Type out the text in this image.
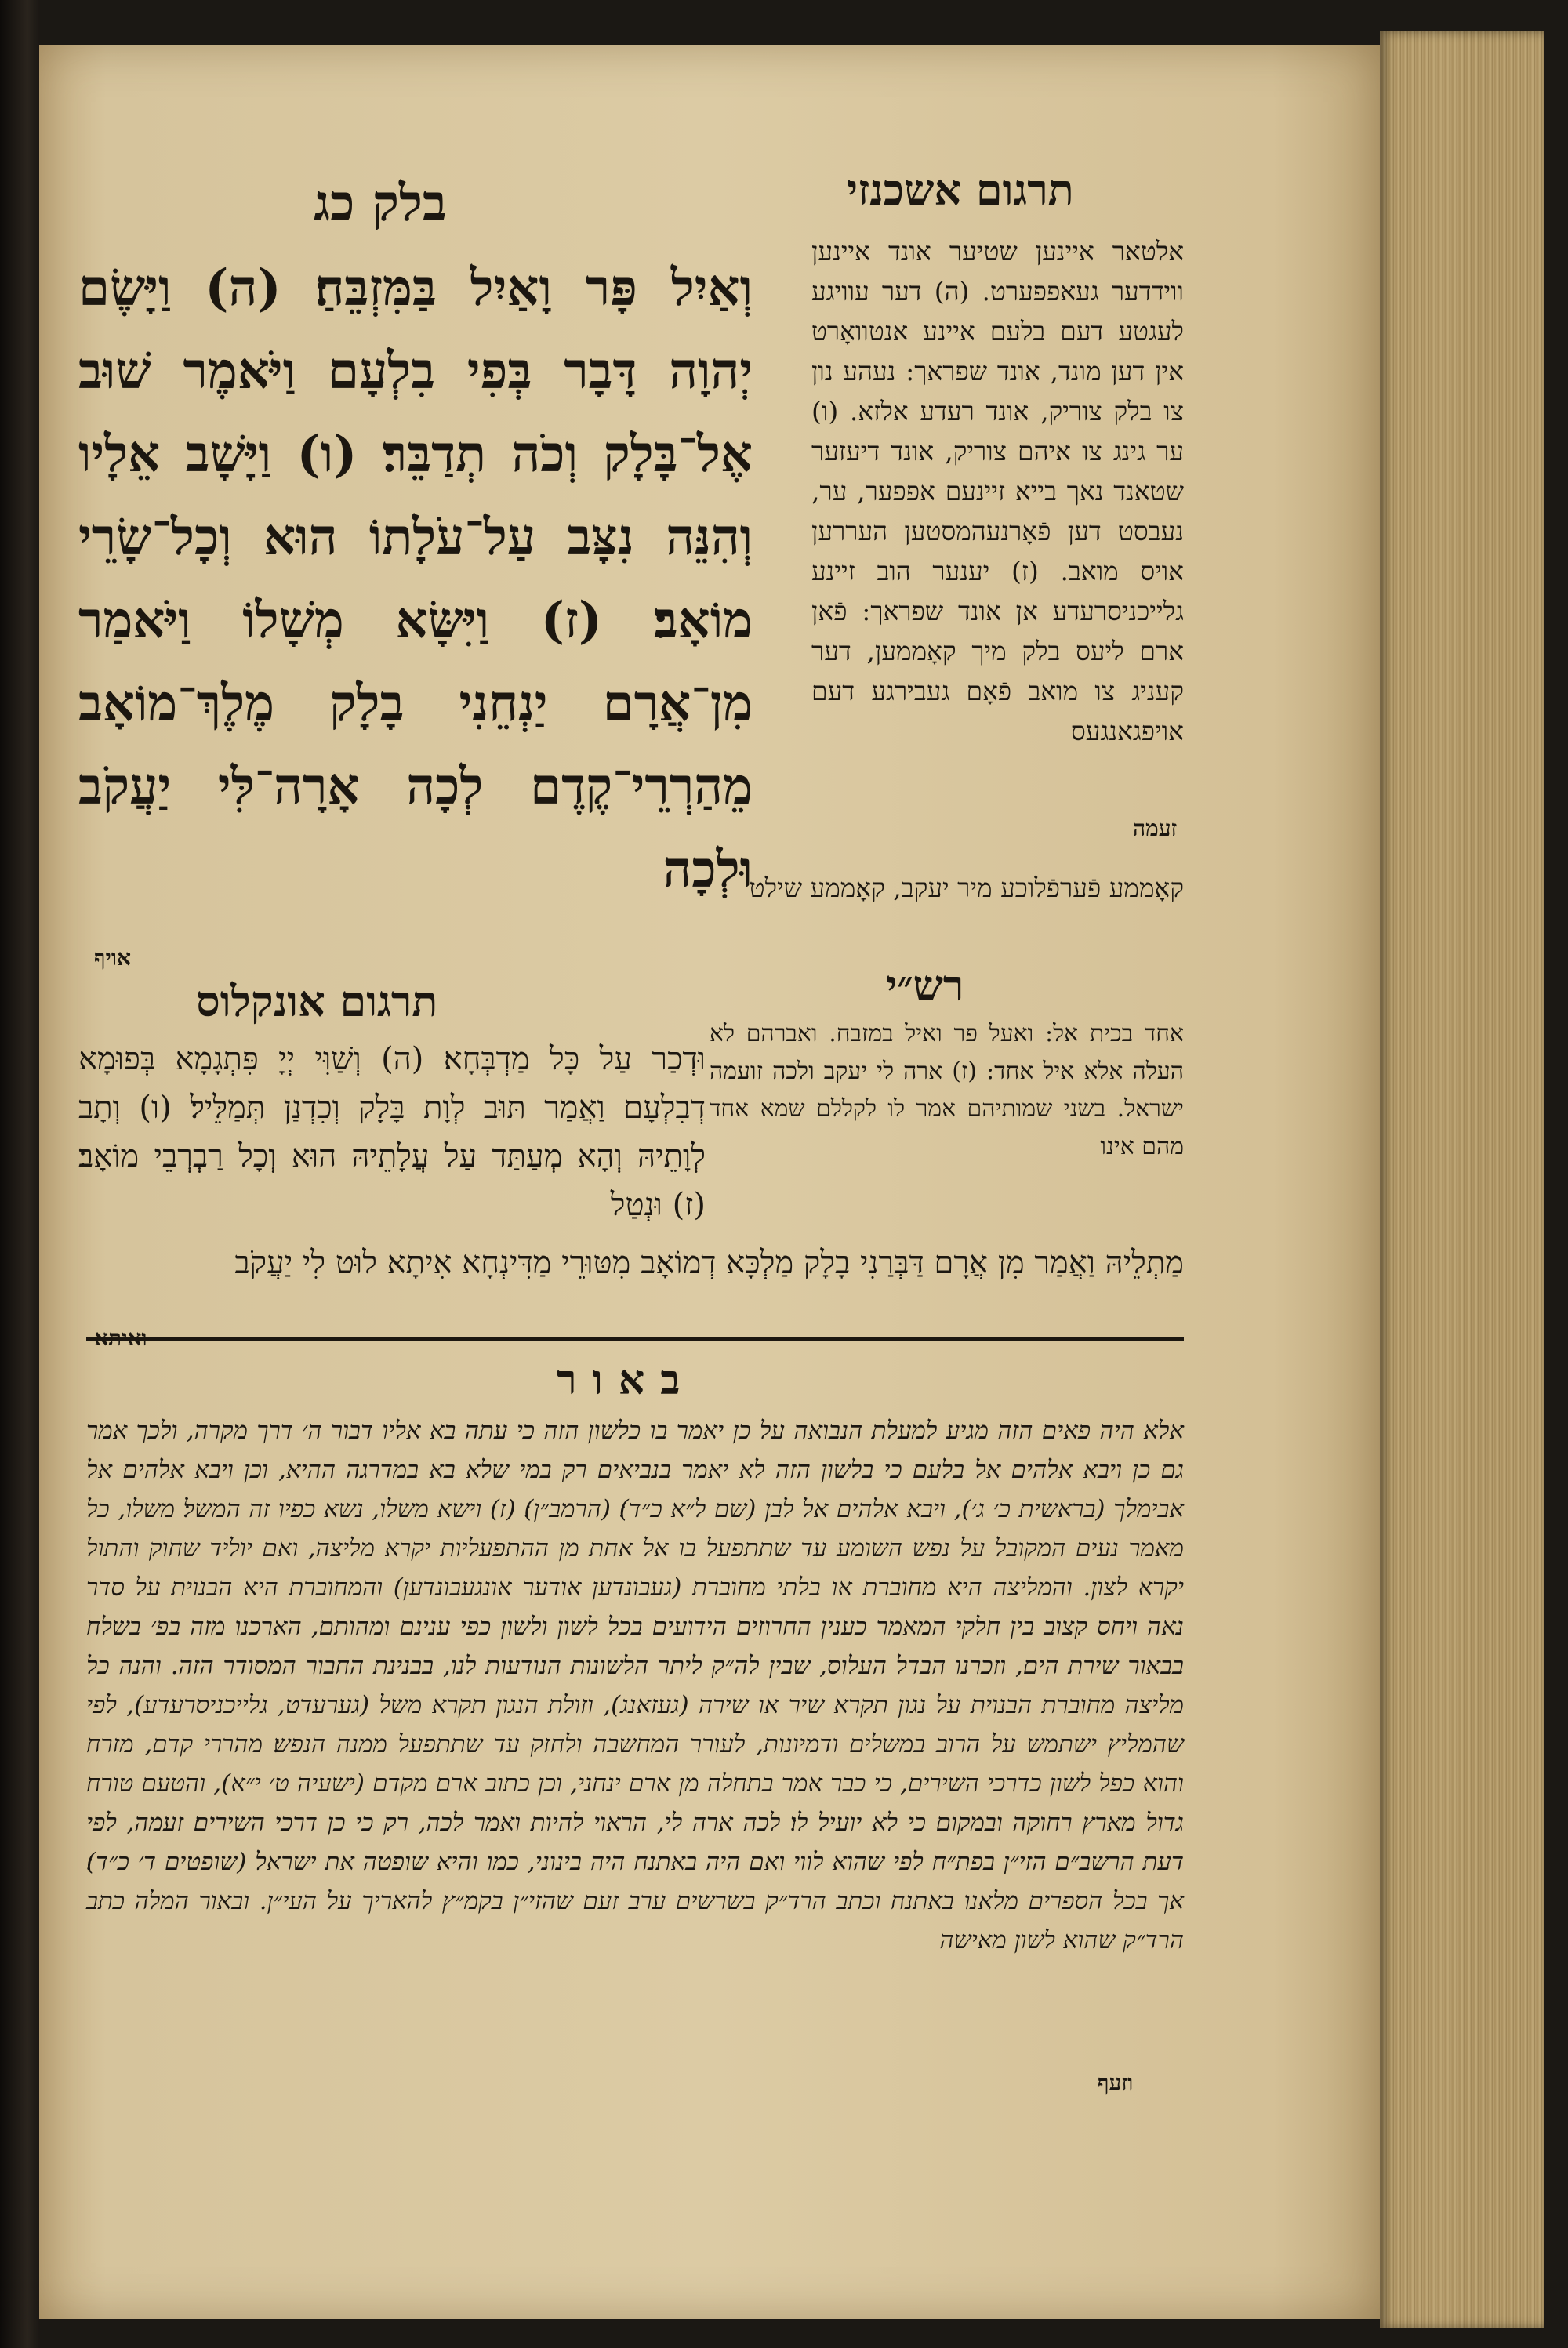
בלק כג
וְאַיִל פָּר וָאַיִל בַּמִּזְבֵּחַ׃ (ה) וַיָּשֶׂם יְהוָה דָּבָר בְּפִי בִלְעָם וַיֹּאמֶר שׁוּב אֶל־בָּלָק וְכֹה תְדַבֵּר׃ (ו) וַיָּשָׁב אֵלָיו וְהִנֵּה נִצָּב עַל־עֹלָתוֹ הוּא וְכָל־שָׂרֵי מוֹאָב׃ (ז) וַיִּשָּׂא מְשָׁלוֹ וַיֹּאמַר מִן־אֲרָם יַנְחֵנִי בָלָק מֶלֶךְ־מוֹאָב מֵהַרְרֵי־קֶדֶם לְכָה אָרָה־לִּי יַעֲקֹב וּלְכָה
תרגום אשכנזי
אלטאר איינען שטיער אונד איינען ווידדער געאפפערט. (ה) דער עוויגע לעגטע דעם בלעם איינע אנטוואָרט אין דען מונד, אונד שפראך: נעהע נון צו בלק צוריק, אונד רעדע אלזא. (ו) ער גינג צו איהם צוריק, אונד דיעזער שטאנד נאך בייא זיינעם אפפער, ער, נעבסט דען פֿאָרנעהמסטען העררען אויס מואב. (ז) יענער הוב זיינע גלייכניסרעדע אן אונד שפראך: פֿאן ארם ליעס בלק מיך קאָממען, דער קעניג צו מואב פֿאָם געבירגע דעם אויפגאנגעס
זעמה
קאָממע פֿערפֿלוכע מיר יעקב, קאָממע שילט
אויף
רש״י
אחד בכית אל: ואעל פר ואיל במזבח. ואברהם לא העלה אלא איל אחד: (ז) ארה לי יעקב ולכה זועמה ישראל. בשני שמותיהם אמר לו לקללם שמא אחד מהם אינו
תרגום אונקלוס
וּדְכַר עַל כָּל מַדְבְּחָא׃ (ה) וְשַׁוִּי יְיָ פִּתְגָמָא בְּפוּמָא דְבִלְעָם וַאֲמַר תּוּב לְוָת בָּלָק וְכִדְנַן תְּמַלֵּיל׃ (ו) וְתָב לְוָתֵיהּ וְהָא מְעַתַּד עַל עֲלָתֵיהּ הוּא וְכָל רַבְרְבֵי מוֹאָב׃ (ז) וּנְטַל
מַתְלֵיהּ וַאֲמַר מִן אֲרָם דַּבְּרַנִי בָלָק מַלְכָּא דְמוֹאָב מִטּוּרֵי מַדִּינְחָא אִיתָא לוּט לִי יַעֲקֹב
באור
אלא היה פאים הזה מגיע למעלת הנבואה על כן יאמר בו כלשון הזה כי עתה בא אליו דבור ה׳ דרך מקרה, ולכך אמר גם כן ויבא אלהים אל בלעם כי בלשון הזה לא יאמר בנביאים רק במי שלא בא במדרגה ההיא, וכן ויבא אלהים אל אבימלך (בראשית כ׳ ג׳), ויבא אלהים אל לבן (שם ל״א כ״ד)׃ (הרמב״ן)׃ (ז) וישא משלו, נשא כפיו זה המשל׃ משלו, כל מאמר נעים המקובל על נפש השומע עד שתתפעל בו אל אחת מן ההתפעליות יקרא מליצה, ואם יוליד שחוק והתול יקרא לצון. והמליצה היא מחוברת או בלתי מחוברת (געבונדען אודער אונגעבונדען) והמחוברת היא הבנוית על סדר נאה ויחס קצוב בין חלקי המאמר כענין החרוזים הידועים בכל לשון ולשון כפי ענינם ומהותם, הארכנו מזה בפ׳ בשלח בבאור שירת הים, וזכרנו הבדל העלוס, שבין לה״ק ליתר הלשונות הנודעות לנו, בבנינת החבור המסודר הזה. והנה כל מליצה מחוברת הבנוית על נגון תקרא שיר או שירה (געזאנג), וזולת הנגון תקרא משל (גערעדט, גלייכניסרעדע), לפי שהמליץ ישתמש על הרוב במשלים ודמיונות, לעורר המחשבה ולחזק עד שתתפעל ממנה הנפש׃ מהררי קדם, מזרח והוא כפל לשון כדרכי השירים, כי כבר אמר בתחלה מן ארם ינחני, וכן כתוב ארם מקדם (ישעיה ט׳ י״א), והטעם טורח גדול מארץ רחוקה ובמקום כי לא יועיל לו׃ לכה ארה לי, הראוי להיות ואמר לכה, רק כי כן דרכי השירים׃ זעמה, לפי דעת הרשב״ם הזי״ן בפת״ח לפי שהוא לווי ואם היה באתנח היה בינוני, כמו והיא שופטה את ישראל (שופטים ד׳ כ״ד)׃ אך בכל הספרים מלאנו באתנח וכתב הרד״ק בשרשים ערב זעם שהזי״ן בקמ״ץ להאריך על העי״ן. ובאור המלה כתב הרד״ק שהוא לשון מאישה
וזעף
